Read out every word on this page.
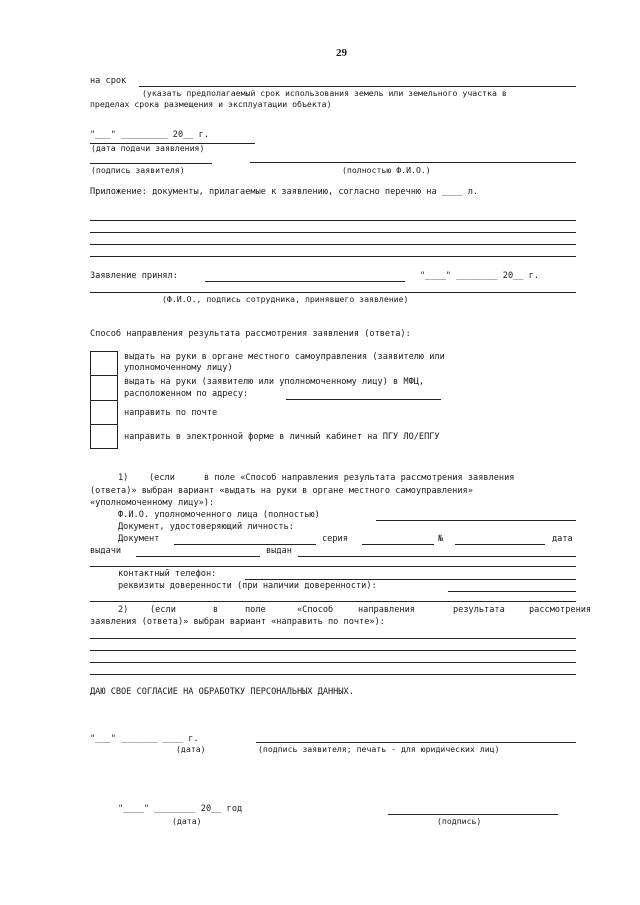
29
на срок
(указать предполагаемый срок использования земель или земельного участка в
пределах срока размещения и эксплуатации объекта)
"___" _________ 20__ г.
(дата подачи заявления)
(подпись заявителя)	(полностью Ф.И.О.)
Приложение: документы, прилагаемые к заявлению, согласно перечню на ____ л.
Заявление принял:	"____" ________ 20__ г.
(Ф.И.О., подпись сотрудника, принявшего заявление)
Способ направления результата рассмотрения заявления (ответа):
выдать на руки в органе местного самоуправления (заявителю или
уполномоченному лицу)
выдать на руки (заявителю или уполномоченному лицу) в МФЦ,
расположенном по адресу:
направить по почте
направить в электронной форме в личный кабинет на ПГУ ЛО/ЕПГУ
1) (если	в поле «Способ направления результата рассмотрения заявления
(ответа)» выбран вариант «выдать на руки в органе местного самоуправления»
«уполномоченному лицу»):
Ф.И.О. уполномоченного лица (полностью)
Документ, удостоверяющий личность:
Документ	серия	№	дата
выдачи	выдан
контактный телефон:
реквизиты доверенности (при наличии доверенности):
2)	(если	в	поле	«Способ	направления	результата	рассмотрения
заявления (ответа)» выбран вариант «направить по почте»):
ДАЮ СВОЕ СОГЛАСИЕ НА ОБРАБОТКУ ПЕРСОНАЛЬНЫХ ДАННЫХ.
"___" _______ ____ г.
(дата)	(подпись заявителя; печать - для юридических лиц)
"____" ________ 20__ год
(дата)	(подпись)
